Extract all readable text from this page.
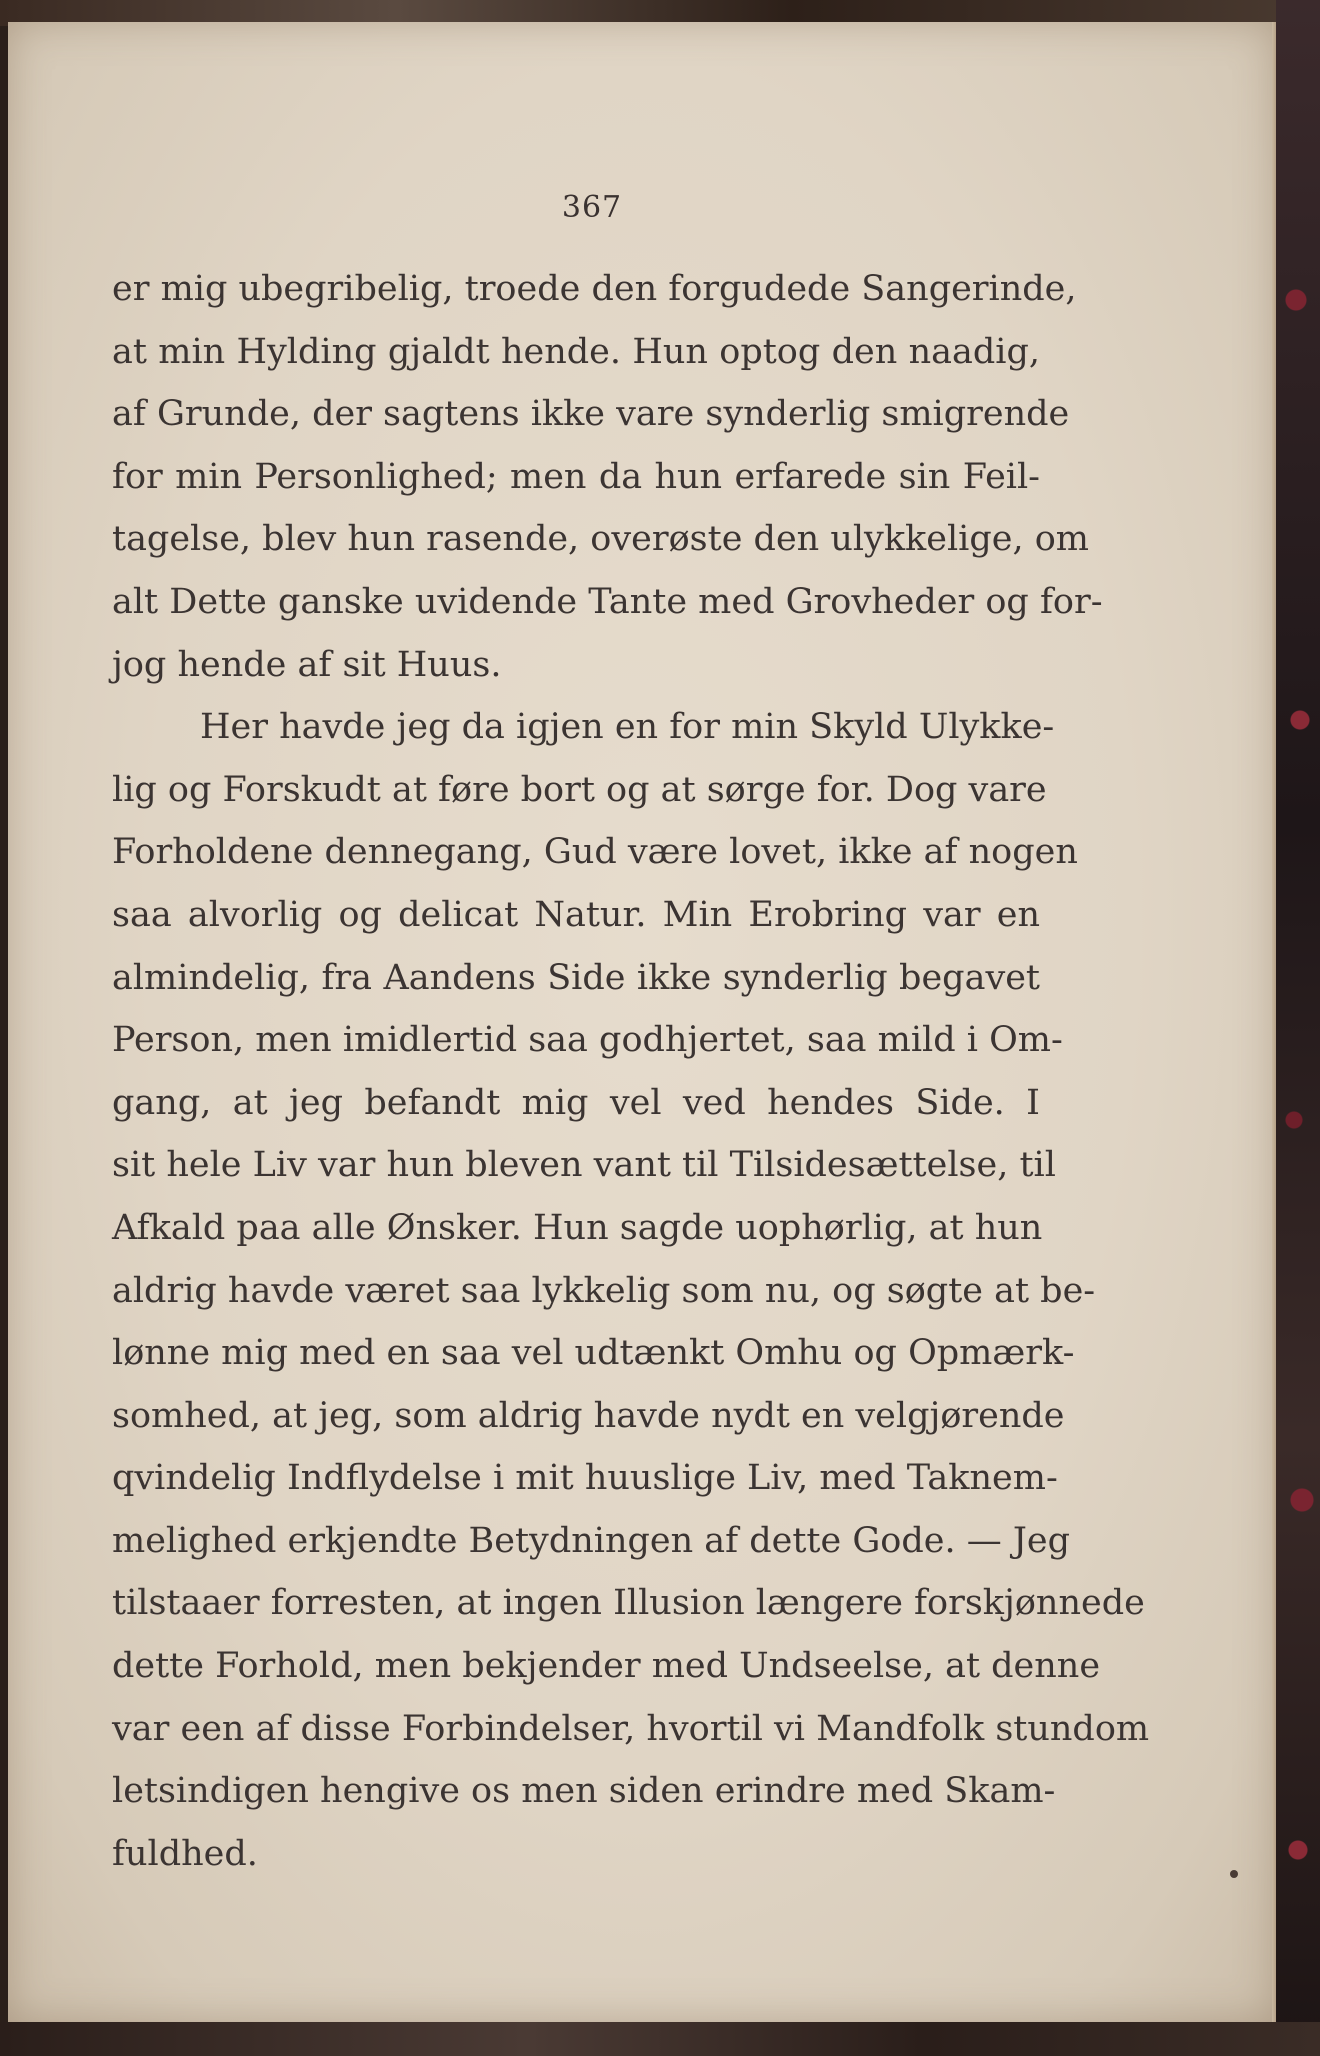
367
er mig ubegribelig, troede den forgudede Sangerinde,
at min Hylding gjaldt hende. Hun optog den naadig,
af Grunde, der sagtens ikke vare synderlig smigrende
for min Personlighed; men da hun erfarede sin Feil-
tagelse, blev hun rasende, overøste den ulykkelige, om
alt Dette ganske uvidende Tante med Grovheder og for-
jog hende af sit Huus.
Her havde jeg da igjen en for min Skyld Ulykke-
lig og Forskudt at føre bort og at sørge for. Dog vare
Forholdene dennegang, Gud være lovet, ikke af nogen
saa alvorlig og delicat Natur. Min Erobring var en
almindelig, fra Aandens Side ikke synderlig begavet
Person, men imidlertid saa godhjertet, saa mild i Om-
gang, at jeg befandt mig vel ved hendes Side. I
sit hele Liv var hun bleven vant til Tilsidesættelse, til
Afkald paa alle Ønsker. Hun sagde uophørlig, at hun
aldrig havde været saa lykkelig som nu, og søgte at be-
lønne mig med en saa vel udtænkt Omhu og Opmærk-
somhed, at jeg, som aldrig havde nydt en velgjørende
qvindelig Indflydelse i mit huuslige Liv, med Taknem-
melighed erkjendte Betydningen af dette Gode. — Jeg
tilstaaer forresten, at ingen Illusion længere forskjønnede
dette Forhold, men bekjender med Undseelse, at denne
var een af disse Forbindelser, hvortil vi Mandfolk stundom
letsindigen hengive os men siden erindre med Skam-
fuldhed.
